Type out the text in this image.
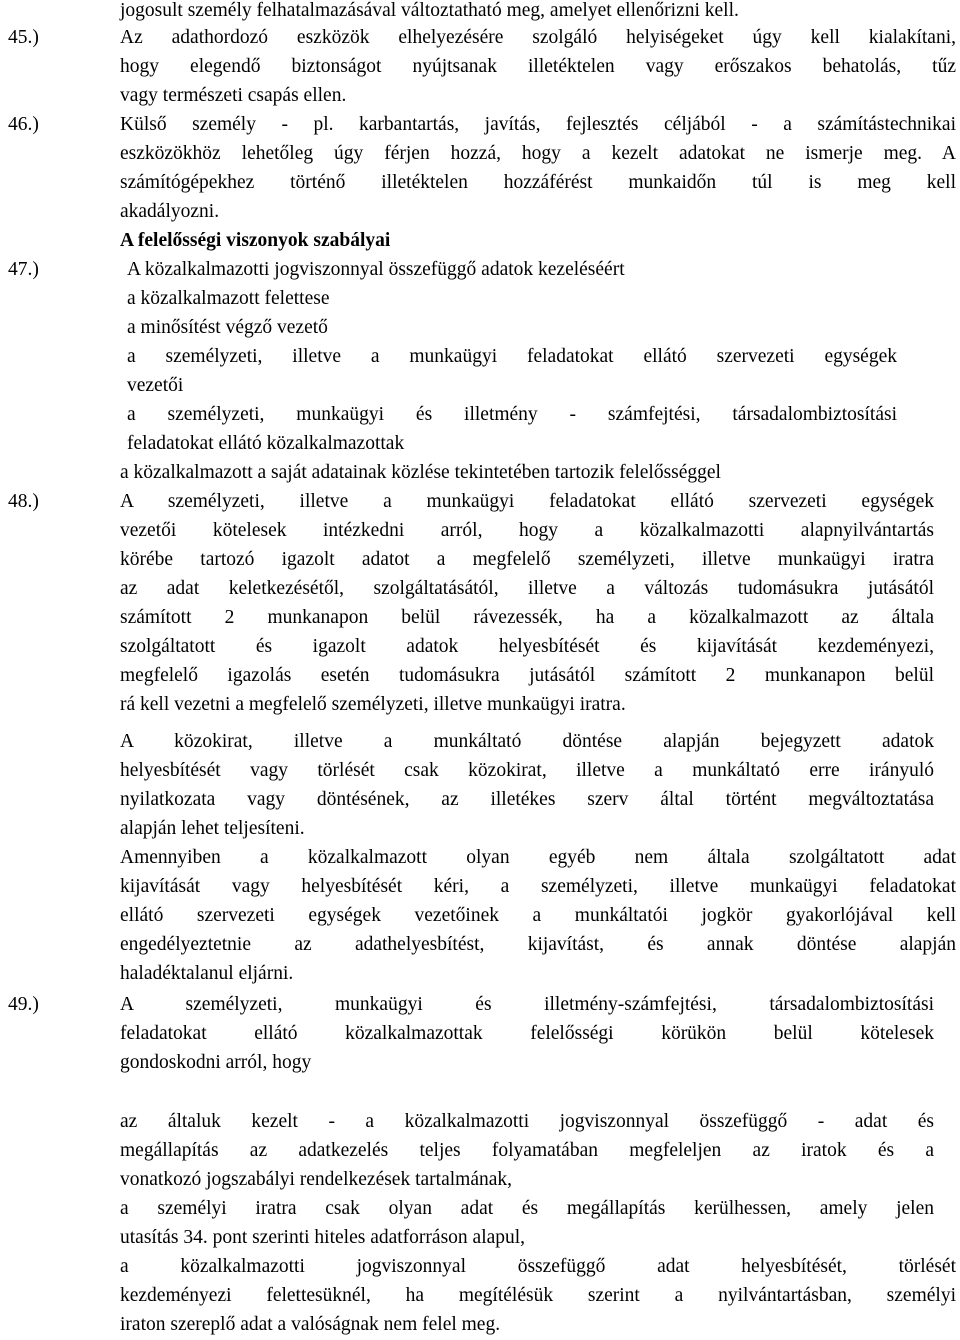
jogosult személy felhatalmazásával változtatható meg, amelyet ellenőrizni kell.
45.)	Az adathordozó eszközök elhelyezésére szolgáló helyiségeket úgy kell kialakítani,
hogy elegendő biztonságot nyújtsanak illetéktelen vagy erőszakos behatolás, tűz
vagy természeti csapás ellen.
46.)	Külső személy - pl. karbantartás, javítás, fejlesztés céljából - a számítástechnikai
eszközökhöz lehetőleg úgy férjen hozzá, hogy a kezelt adatokat ne ismerje meg. A
számítógépekhez történő illetéktelen hozzáférést munkaidőn túl is meg kell
akadályozni.
A felelősségi viszonyok szabályai
47.)	A közalkalmazotti jogviszonnyal összefüggő adatok kezeléséért
a közalkalmazott felettese
a minősítést végző vezető
a személyzeti, illetve a munkaügyi feladatokat ellátó szervezeti egységek
vezetői
a személyzeti, munkaügyi és illetmény - számfejtési, társadalombiztosítási
feladatokat ellátó közalkalmazottak
a közalkalmazott a saját adatainak közlése tekintetében tartozik felelősséggel
48.)	A személyzeti, illetve a munkaügyi feladatokat ellátó szervezeti egységek
vezetői kötelesek intézkedni arról, hogy a közalkalmazotti alapnyilvántartás
körébe tartozó igazolt adatot a megfelelő személyzeti, illetve munkaügyi iratra
az adat keletkezésétől, szolgáltatásától, illetve a változás tudomásukra jutásától
számított 2 munkanapon belül rávezessék, ha a közalkalmazott az általa
szolgáltatott és igazolt adatok helyesbítését és kijavítását kezdeményezi,
megfelelő igazolás esetén tudomásukra jutásától számított 2 munkanapon belül
rá kell vezetni a megfelelő személyzeti, illetve munkaügyi iratra.
A közokirat, illetve a munkáltató döntése alapján bejegyzett adatok
helyesbítését vagy törlését csak közokirat, illetve a munkáltató erre irányuló
nyilatkozata vagy döntésének, az illetékes szerv által történt megváltoztatása
alapján lehet teljesíteni.
Amennyiben a közalkalmazott olyan egyéb nem általa szolgáltatott adat
kijavítását vagy helyesbítését kéri, a személyzeti, illetve munkaügyi feladatokat
ellátó szervezeti egységek vezetőinek a munkáltatói jogkör gyakorlójával kell
engedélyeztetnie az adathelyesbítést, kijavítást, és annak döntése alapján
haladéktalanul eljárni.
49.)	A személyzeti, munkaügyi és illetmény-számfejtési, társadalombiztosítási
feladatokat ellátó közalkalmazottak felelősségi körükön belül kötelesek
gondoskodni arról, hogy
az általuk kezelt - a közalkalmazotti jogviszonnyal összefüggő - adat és
megállapítás az adatkezelés teljes folyamatában megfeleljen az iratok és a
vonatkozó jogszabályi rendelkezések tartalmának,
a személyi iratra csak olyan adat és megállapítás kerülhessen, amely jelen
utasítás 34. pont szerinti hiteles adatforráson alapul,
a közalkalmazotti jogviszonnyal összefüggő adat helyesbítését, törlését
kezdeményezi felettesüknél, ha megítélésük szerint a nyilvántartásban, személyi
iraton szereplő adat a valóságnak nem felel meg.
